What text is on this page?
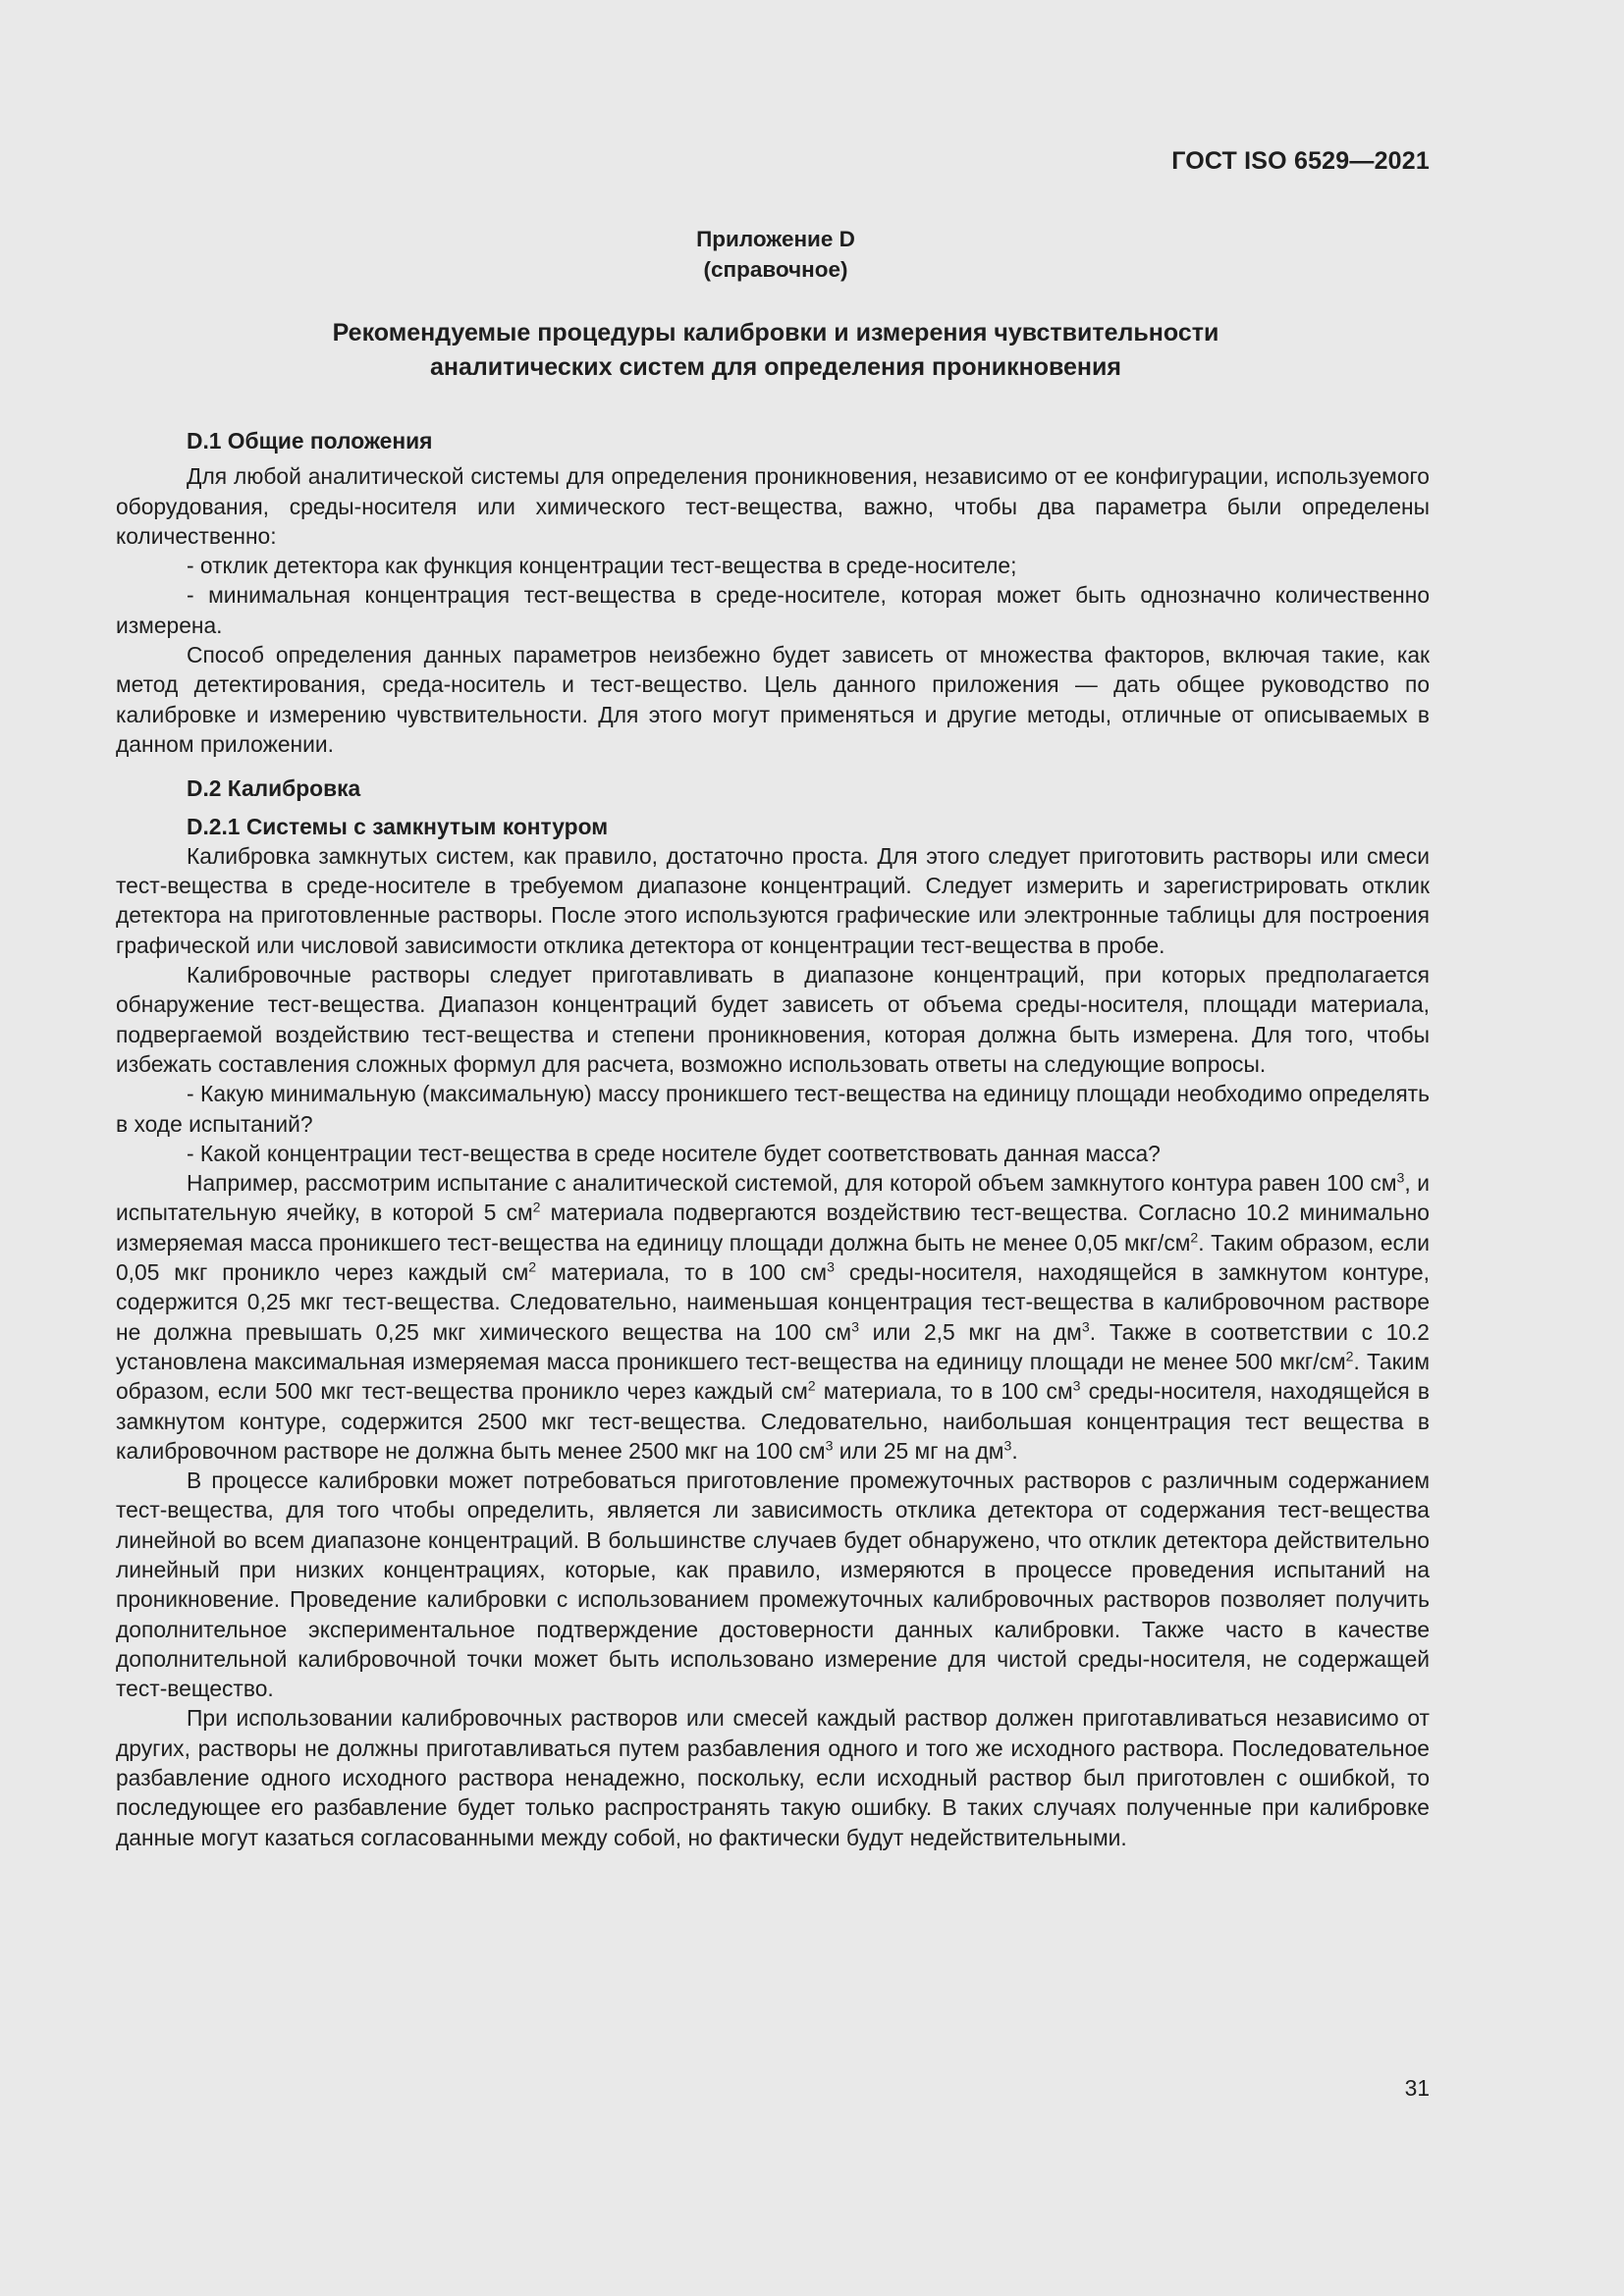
ГОСТ ISO 6529—2021
Приложение D
(справочное)
Рекомендуемые процедуры калибровки и измерения чувствительности
аналитических систем для определения проникновения
D.1 Общие положения

Для любой аналитической системы для определения проникновения, независимо от ее конфигурации, используемого оборудования, среды-носителя или химического тест-вещества, важно, чтобы два параметра были определены количественно:

- отклик детектора как функция концентрации тест-вещества в среде-носителе;

- минимальная концентрация тест-вещества в среде-носителе, которая может быть однозначно количественно измерена.

Способ определения данных параметров неизбежно будет зависеть от множества факторов, включая такие, как метод детектирования, среда-носитель и тест-вещество. Цель данного приложения — дать общее руководство по калибровке и измерению чувствительности. Для этого могут применяться и другие методы, отличные от описываемых в данном приложении.

D.2 Калибровка
D.2.1 Системы с замкнутым контуром

Калибровка замкнутых систем, как правило, достаточно проста. Для этого следует приготовить растворы или смеси тест-вещества в среде-носителе в требуемом диапазоне концентраций. Следует измерить и зарегистрировать отклик детектора на приготовленные растворы. После этого используются графические или электронные таблицы для построения графической или числовой зависимости отклика детектора от концентрации тест-вещества в пробе.

Калибровочные растворы следует приготавливать в диапазоне концентраций, при которых предполагается обнаружение тест-вещества. Диапазон концентраций будет зависеть от объема среды-носителя, площади материала, подвергаемой воздействию тест-вещества и степени проникновения, которая должна быть измерена. Для того, чтобы избежать составления сложных формул для расчета, возможно использовать ответы на следующие вопросы.

- Какую минимальную (максимальную) массу проникшего тест-вещества на единицу площади необходимо определять в ходе испытаний?

- Какой концентрации тест-вещества в среде носителе будет соответствовать данная масса?

Например, рассмотрим испытание с аналитической системой, для которой объем замкнутого контура равен 100 $см^3$, и испытательную ячейку, в которой 5 $см^2$ материала подвергаются воздействию тест-вещества. Согласно 10.2 минимально измеряемая масса проникшего тест-вещества на единицу площади должна быть не менее 0,05 мкг/$см^2$. Таким образом, если 0,05 мкг проникло через каждый $см^2$ материала, то в 100 $см^3$ среды-носителя, находящейся в замкнутом контуре, содержится 0,25 мкг тест-вещества. Следовательно, наименьшая концентрация тест-вещества в калибровочном растворе не должна превышать 0,25 мкг химического вещества на 100 $см^3$ или 2,5 мкг на $дм^3$. Также в соответствии с 10.2 установлена максимальная измеряемая масса проникшего тест-вещества на единицу площади не менее 500 мкг/$см^2$. Таким образом, если 500 мкг тест-вещества проникло через каждый $см^2$ материала, то в 100 $см^3$ среды-носителя, находящейся в замкнутом контуре, содержится 2500 мкг тест-вещества. Следовательно, наибольшая концентрация тест вещества в калибровочном растворе не должна быть менее 2500 мкг на 100 $см^3$ или 25 мг на $дм^3$.

В процессе калибровки может потребоваться приготовление промежуточных растворов с различным содержанием тест-вещества, для того чтобы определить, является ли зависимость отклика детектора от содержания тест-вещества линейной во всем диапазоне концентраций. В большинстве случаев будет обнаружено, что отклик детектора действительно линейный при низких концентрациях, которые, как правило, измеряются в процессе проведения испытаний на проникновение. Проведение калибровки с использованием промежуточных калибровочных растворов позволяет получить дополнительное экспериментальное подтверждение достоверности данных калибровки. Также часто в качестве дополнительной калибровочной точки может быть использовано измерение для чистой среды-носителя, не содержащей тест-вещество.

При использовании калибровочных растворов или смесей каждый раствор должен приготавливаться независимо от других, растворы не должны приготавливаться путем разбавления одного и того же исходного раствора. Последовательное разбавление одного исходного раствора ненадежно, поскольку, если исходный раствор был приготовлен с ошибкой, то последующее его разбавление будет только распространять такую ошибку. В таких случаях полученные при калибровке данные могут казаться согласованными между собой, но фактически будут недействительными.

31
